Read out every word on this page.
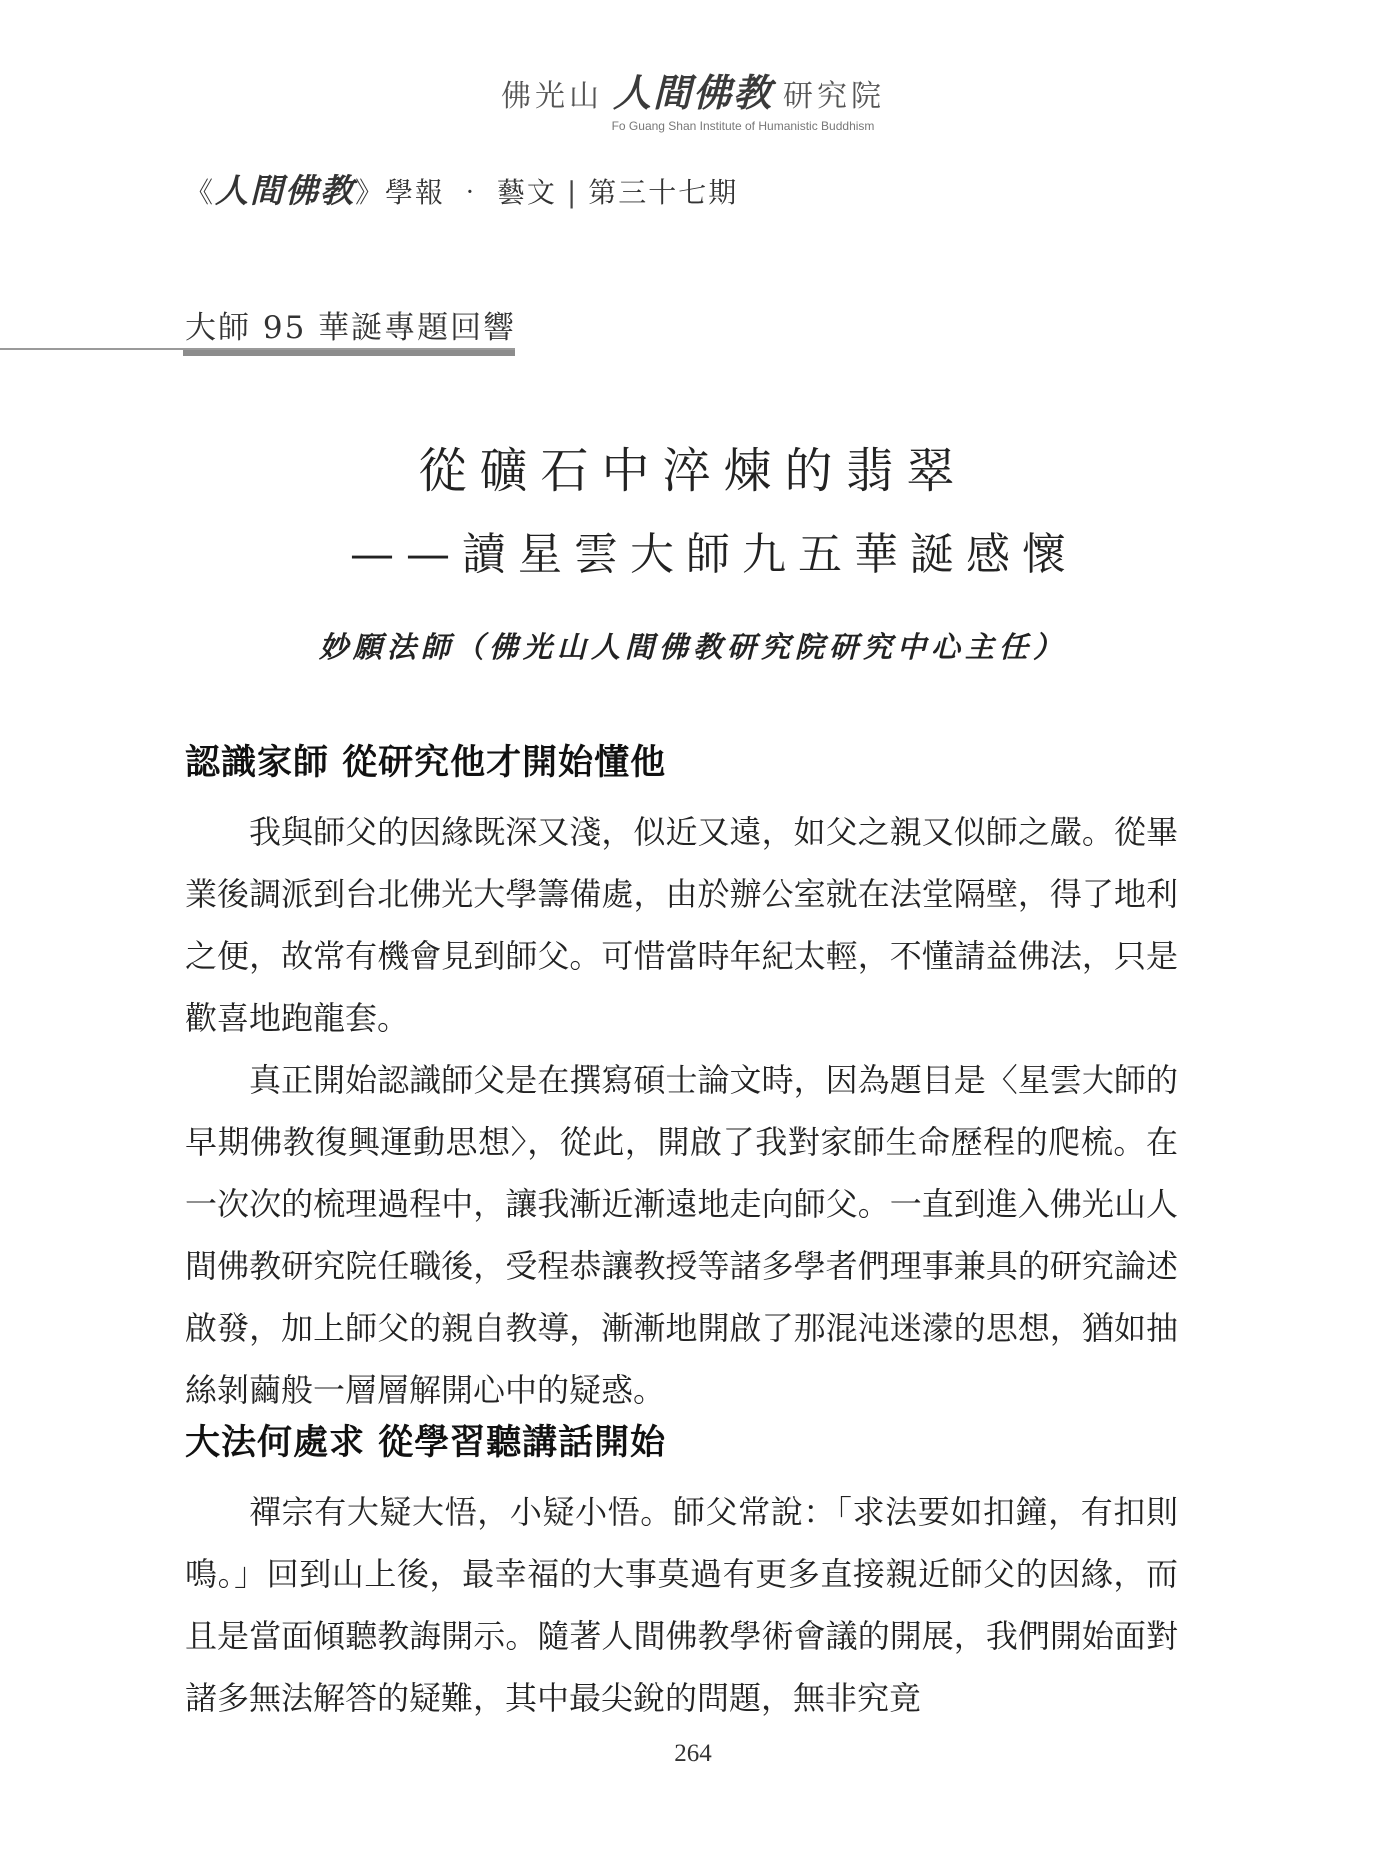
佛光山 人間佛教 研究院
Fo Guang Shan Institute of Humanistic Buddhism
《人間佛教》學報 ‧ 藝文 | 第三十七期
大師 95 華誕專題回響
從礦石中淬煉的翡翠
——讀星雲大師九五華誕感懷
妙願法師（佛光山人間佛教研究院研究中心主任）
認識家師 從研究他才開始懂他

我與師父的因緣既深又淺，似近又遠，如父之親又似師之嚴。從畢業後調派到台北佛光大學籌備處，由於辦公室就在法堂隔壁，得了地利之便，故常有機會見到師父。可惜當時年紀太輕，不懂請益佛法，只是歡喜地跑龍套。

真正開始認識師父是在撰寫碩士論文時，因為題目是〈星雲大師的早期佛教復興運動思想〉，從此，開啟了我對家師生命歷程的爬梳。在一次次的梳理過程中，讓我漸近漸遠地走向師父。一直到進入佛光山人間佛教研究院任職後，受程恭讓教授等諸多學者們理事兼具的研究論述啟發，加上師父的親自教導，漸漸地開啟了那混沌迷濛的思想，猶如抽絲剝繭般一層層解開心中的疑惑。

大法何處求 從學習聽講話開始

禪宗有大疑大悟，小疑小悟。師父常說：「求法要如扣鐘，有扣則鳴。」回到山上後，最幸福的大事莫過有更多直接親近師父的因緣，而且是當面傾聽教誨開示。隨著人間佛教學術會議的開展，我們開始面對諸多無法解答的疑難，其中最尖銳的問題，無非究竟

264
